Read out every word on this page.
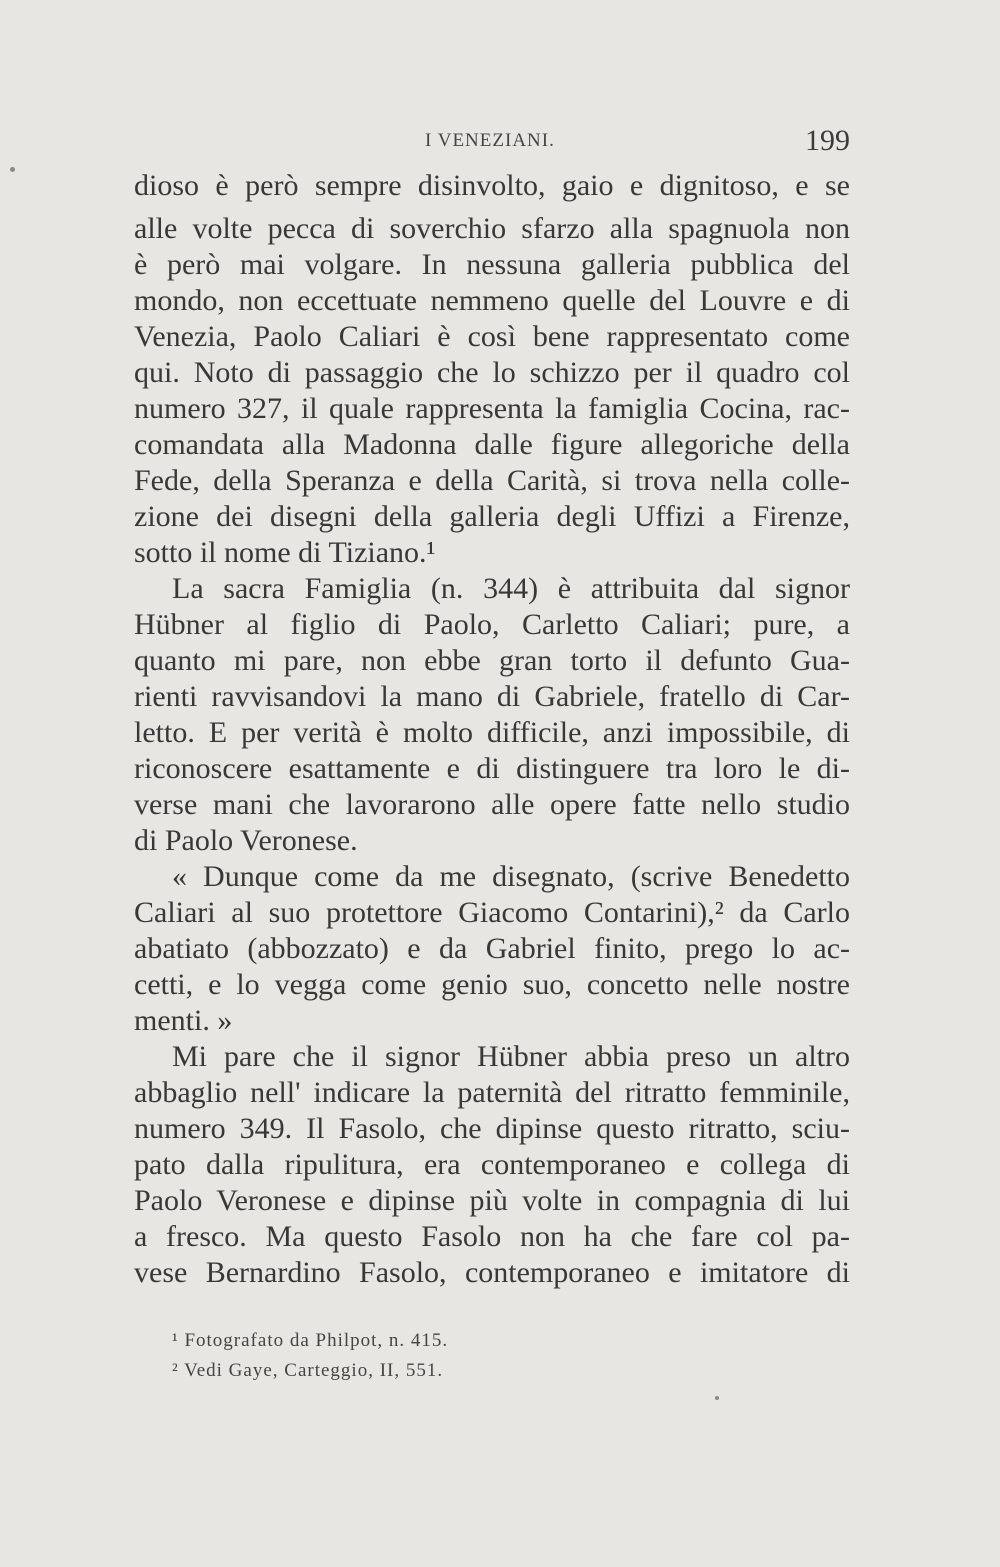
I VENEZIANI.	199
dioso è però sempre disinvolto, gaio e dignitoso, e se
alle volte pecca di soverchio sfarzo alla spagnuola non
è però mai volgare. In nessuna galleria pubblica del
mondo, non eccettuate nemmeno quelle del Louvre e di
Venezia, Paolo Caliari è così bene rappresentato come
qui. Noto di passaggio che lo schizzo per il quadro col
numero 327, il quale rappresenta la famiglia Cocina, rac-
comandata alla Madonna dalle figure allegoriche della
Fede, della Speranza e della Carità, si trova nella colle-
zione dei disegni della galleria degli Uffizi a Firenze,
sotto il nome di Tiziano.¹
La sacra Famiglia (n. 344) è attribuita dal signor
Hübner al figlio di Paolo, Carletto Caliari; pure, a
quanto mi pare, non ebbe gran torto il defunto Gua-
rienti ravvisandovi la mano di Gabriele, fratello di Car-
letto. E per verità è molto difficile, anzi impossibile, di
riconoscere esattamente e di distinguere tra loro le di-
verse mani che lavorarono alle opere fatte nello studio
di Paolo Veronese.
« Dunque come da me disegnato, (scrive Benedetto
Caliari al suo protettore Giacomo Contarini),² da Carlo
abatiato (abbozzato) e da Gabriel finito, prego lo ac-
cetti, e lo vegga come genio suo, concetto nelle nostre
menti. »
Mi pare che il signor Hübner abbia preso un altro
abbaglio nell' indicare la paternità del ritratto femminile,
numero 349. Il Fasolo, che dipinse questo ritratto, sciu-
pato dalla ripulitura, era contemporaneo e collega di
Paolo Veronese e dipinse più volte in compagnia di lui
a fresco. Ma questo Fasolo non ha che fare col pa-
vese Bernardino Fasolo, contemporaneo e imitatore di
¹ Fotografato da Philpot, n. 415.
² Vedi Gaye, Carteggio, II, 551.
